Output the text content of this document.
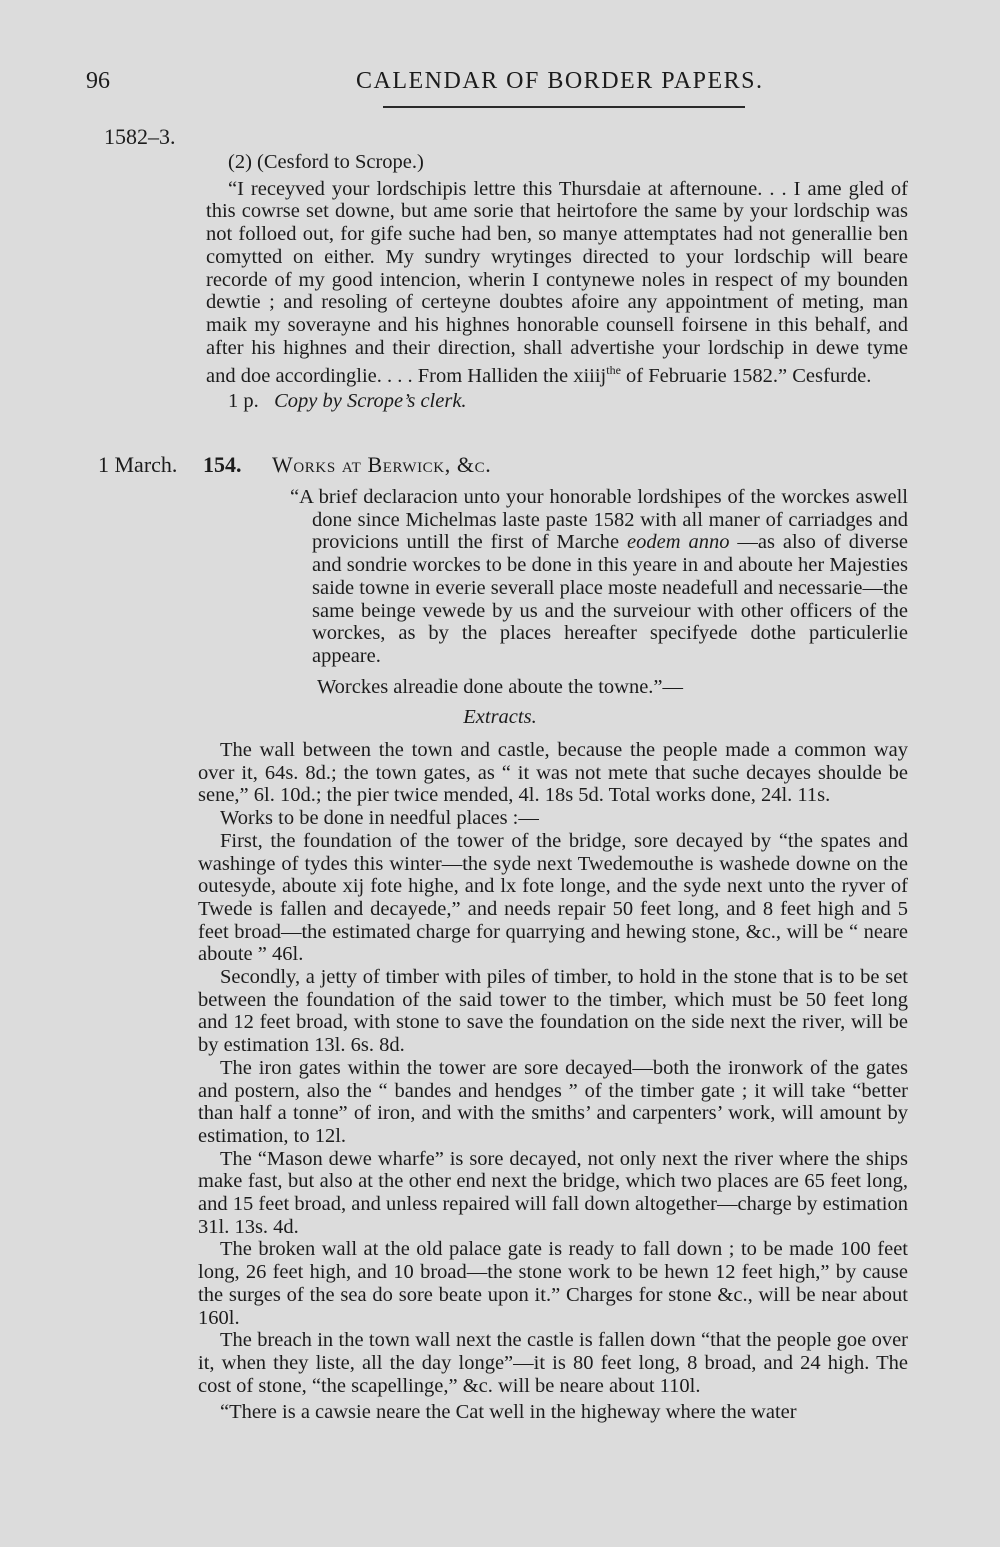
96	CALENDAR OF BORDER PAPERS.
1582–3.

(2) (Cesford to Scrope.)

“I receyved your lordschipis lettre this Thursdaie at afternoune. . . I ame gled of this cowrse set downe, but ame sorie that heirtofore the same by your lordschip was not folloed out, for gife suche had ben, so manye attemptates had not generallie ben comytted on either. My sundry wrytinges directed to your lordschip will beare recorde of my good intencion, wherin I contynewe noles in respect of my bounden dewtie ; and resoling of certeyne doubtes afoire any appointment of meting, man maik my soverayne and his highnes honorable counsell foirsene in this behalf, and after his highnes and their direction, shall advertishe your lordschip in dewe tyme and doe accordinglie. . . . From Halliden the xiiij$^{the}$ of Februarie 1582.” Cesfurde.

1 p. Copy by Scrope’s clerk.

1 March. 154. Works at Berwick, &c.

“A brief declaracion unto your honorable lordshipes of the worckes aswell done since Michelmas laste paste 1582 with all maner of carriadges and provicions untill the first of Marche eodem anno —as also of diverse and sondrie worckes to be done in this yeare in and aboute her Majesties saide towne in everie severall place moste neadefull and necessarie—the same beinge vewede by us and the surveiour with other officers of the worckes, as by the places hereafter specifyede dothe particulerlie appeare.

Worckes alreadie done aboute the towne.”—
Extracts.

The wall between the town and castle, because the people made a common way over it, 64s. 8d.; the town gates, as “ it was not mete that suche decayes shoulde be sene,” 6l. 10d.; the pier twice mended, 4l. 18s 5d. Total works done, 24l. 11s.

Works to be done in needful places :—

First, the foundation of the tower of the bridge, sore decayed by “the spates and washinge of tydes this winter—the syde next Twedemouthe is washede downe on the outesyde, aboute xij fote highe, and lx fote longe, and the syde next unto the ryver of Twede is fallen and decayede,” and needs repair 50 feet long, and 8 feet high and 5 feet broad—the estimated charge for quarrying and hewing stone, &c., will be “ neare aboute ” 46l.

Secondly, a jetty of timber with piles of timber, to hold in the stone that is to be set between the foundation of the said tower to the timber, which must be 50 feet long and 12 feet broad, with stone to save the foundation on the side next the river, will be by estimation 13l. 6s. 8d.

The iron gates within the tower are sore decayed—both the ironwork of the gates and postern, also the “ bandes and hendges ” of the timber gate ; it will take “better than half a tonne” of iron, and with the smiths’ and carpenters’ work, will amount by estimation, to 12l.

The “Mason dewe wharfe” is sore decayed, not only next the river where the ships make fast, but also at the other end next the bridge, which two places are 65 feet long, and 15 feet broad, and unless repaired will fall down altogether—charge by estimation 31l. 13s. 4d.

The broken wall at the old palace gate is ready to fall down ; to be made 100 feet long, 26 feet high, and 10 broad—the stone work to be hewn 12 feet high,” by cause the surges of the sea do sore beate upon it.” Charges for stone &c., will be near about 160l.

The breach in the town wall next the castle is fallen down “that the people goe over it, when they liste, all the day longe”—it is 80 feet long, 8 broad, and 24 high. The cost of stone, “the scapellinge,” &c. will be neare about 110l.

“There is a cawsie neare the Cat well in the higheway where the water
